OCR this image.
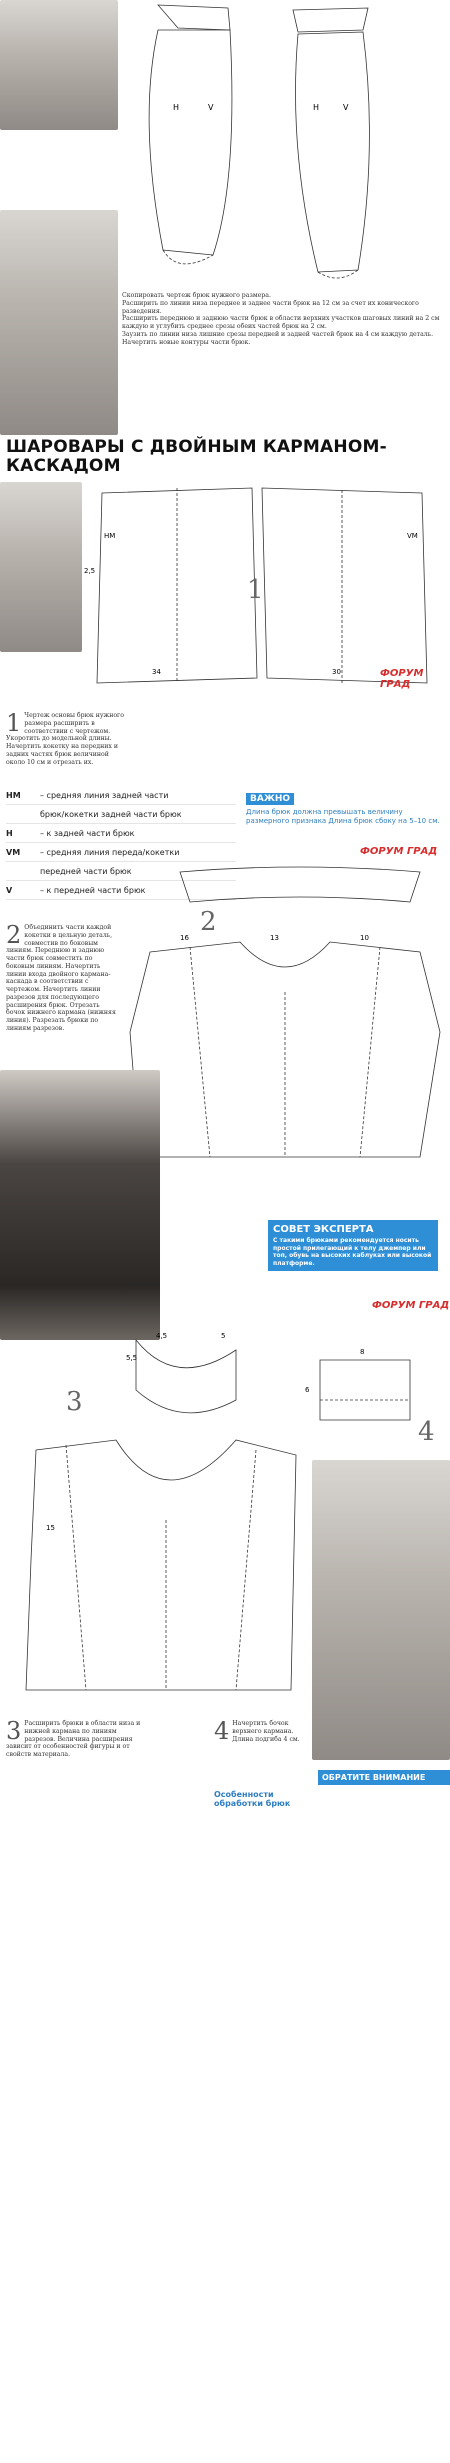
H	V	H	V
Скопировать чертеж брюк нужного размера.
Расширить по линии низа переднее и заднее части брюк на 12 см за счет их конического разведения.
Расширить переднюю и заднюю части брюк в области верхних участков шаговых линий на 2 см каждую и углубить среднее срезы обеих частей брюк на 2 см.
Заузить по линии низа лишние срезы передней и задней частей брюк на 4 см каждую деталь.
Начертить новые контуры части брюк.
ШАРОВАРЫ С ДВОЙНЫМ КАРМАНОМ-КАСКАДОМ
HM	VM
2,5
1
34	30	ФОРУМ ГРАД
1 Чертеж основы брюк нужного размера расширить в соответствии с чертежом. Укоротить до модельной длины. Начертить кокетку на передних и задних частях брюк величиной около 10 см и отрезать их.
HM	– средняя линия задней части
брюк/кокетки задней части брюк
H	– к задней части брюк
VM	– средняя линия переда/кокетки
передней части брюк
V	– к передней части брюк
ВАЖНО
Длина брюк должна превышать величину размерного признака Длина брюк сбоку на 5–10 см.
ФОРУМ ГРАД
2
16	13	10
2 Объединить части каждой кокетки в цельную деталь, совместив по боковым линиям. Переднюю и заднюю части брюк совместить по боковым линиям. Начертить линии входа двойного кармана-каскада в соответствии с чертежом. Начертить линии разрезов для последующего расширения брюк. Отрезать бочок нижнего кармана (нижняя линия). Разрезать брюки по линиям разрезов.
СОВЕТ ЭКСПЕРТА
С такими брюками рекомендуется носить простой прилегающий к телу джемпер или топ, обувь на высоких каблуках или высокой платформе.
ФОРУМ ГРАД
3
4,5	5
5,5
15
4
8
6
3 Расширить брюки в области низа и нижней кармана по линиям разрезов. Величина расширения зависит от особенностей фигуры и от свойств материала.
4 Начертить бочок верхнего кармана. Длина подгиба 4 см.
Особенности обработки брюк
ОБРАТИТЕ ВНИМАНИЕ
